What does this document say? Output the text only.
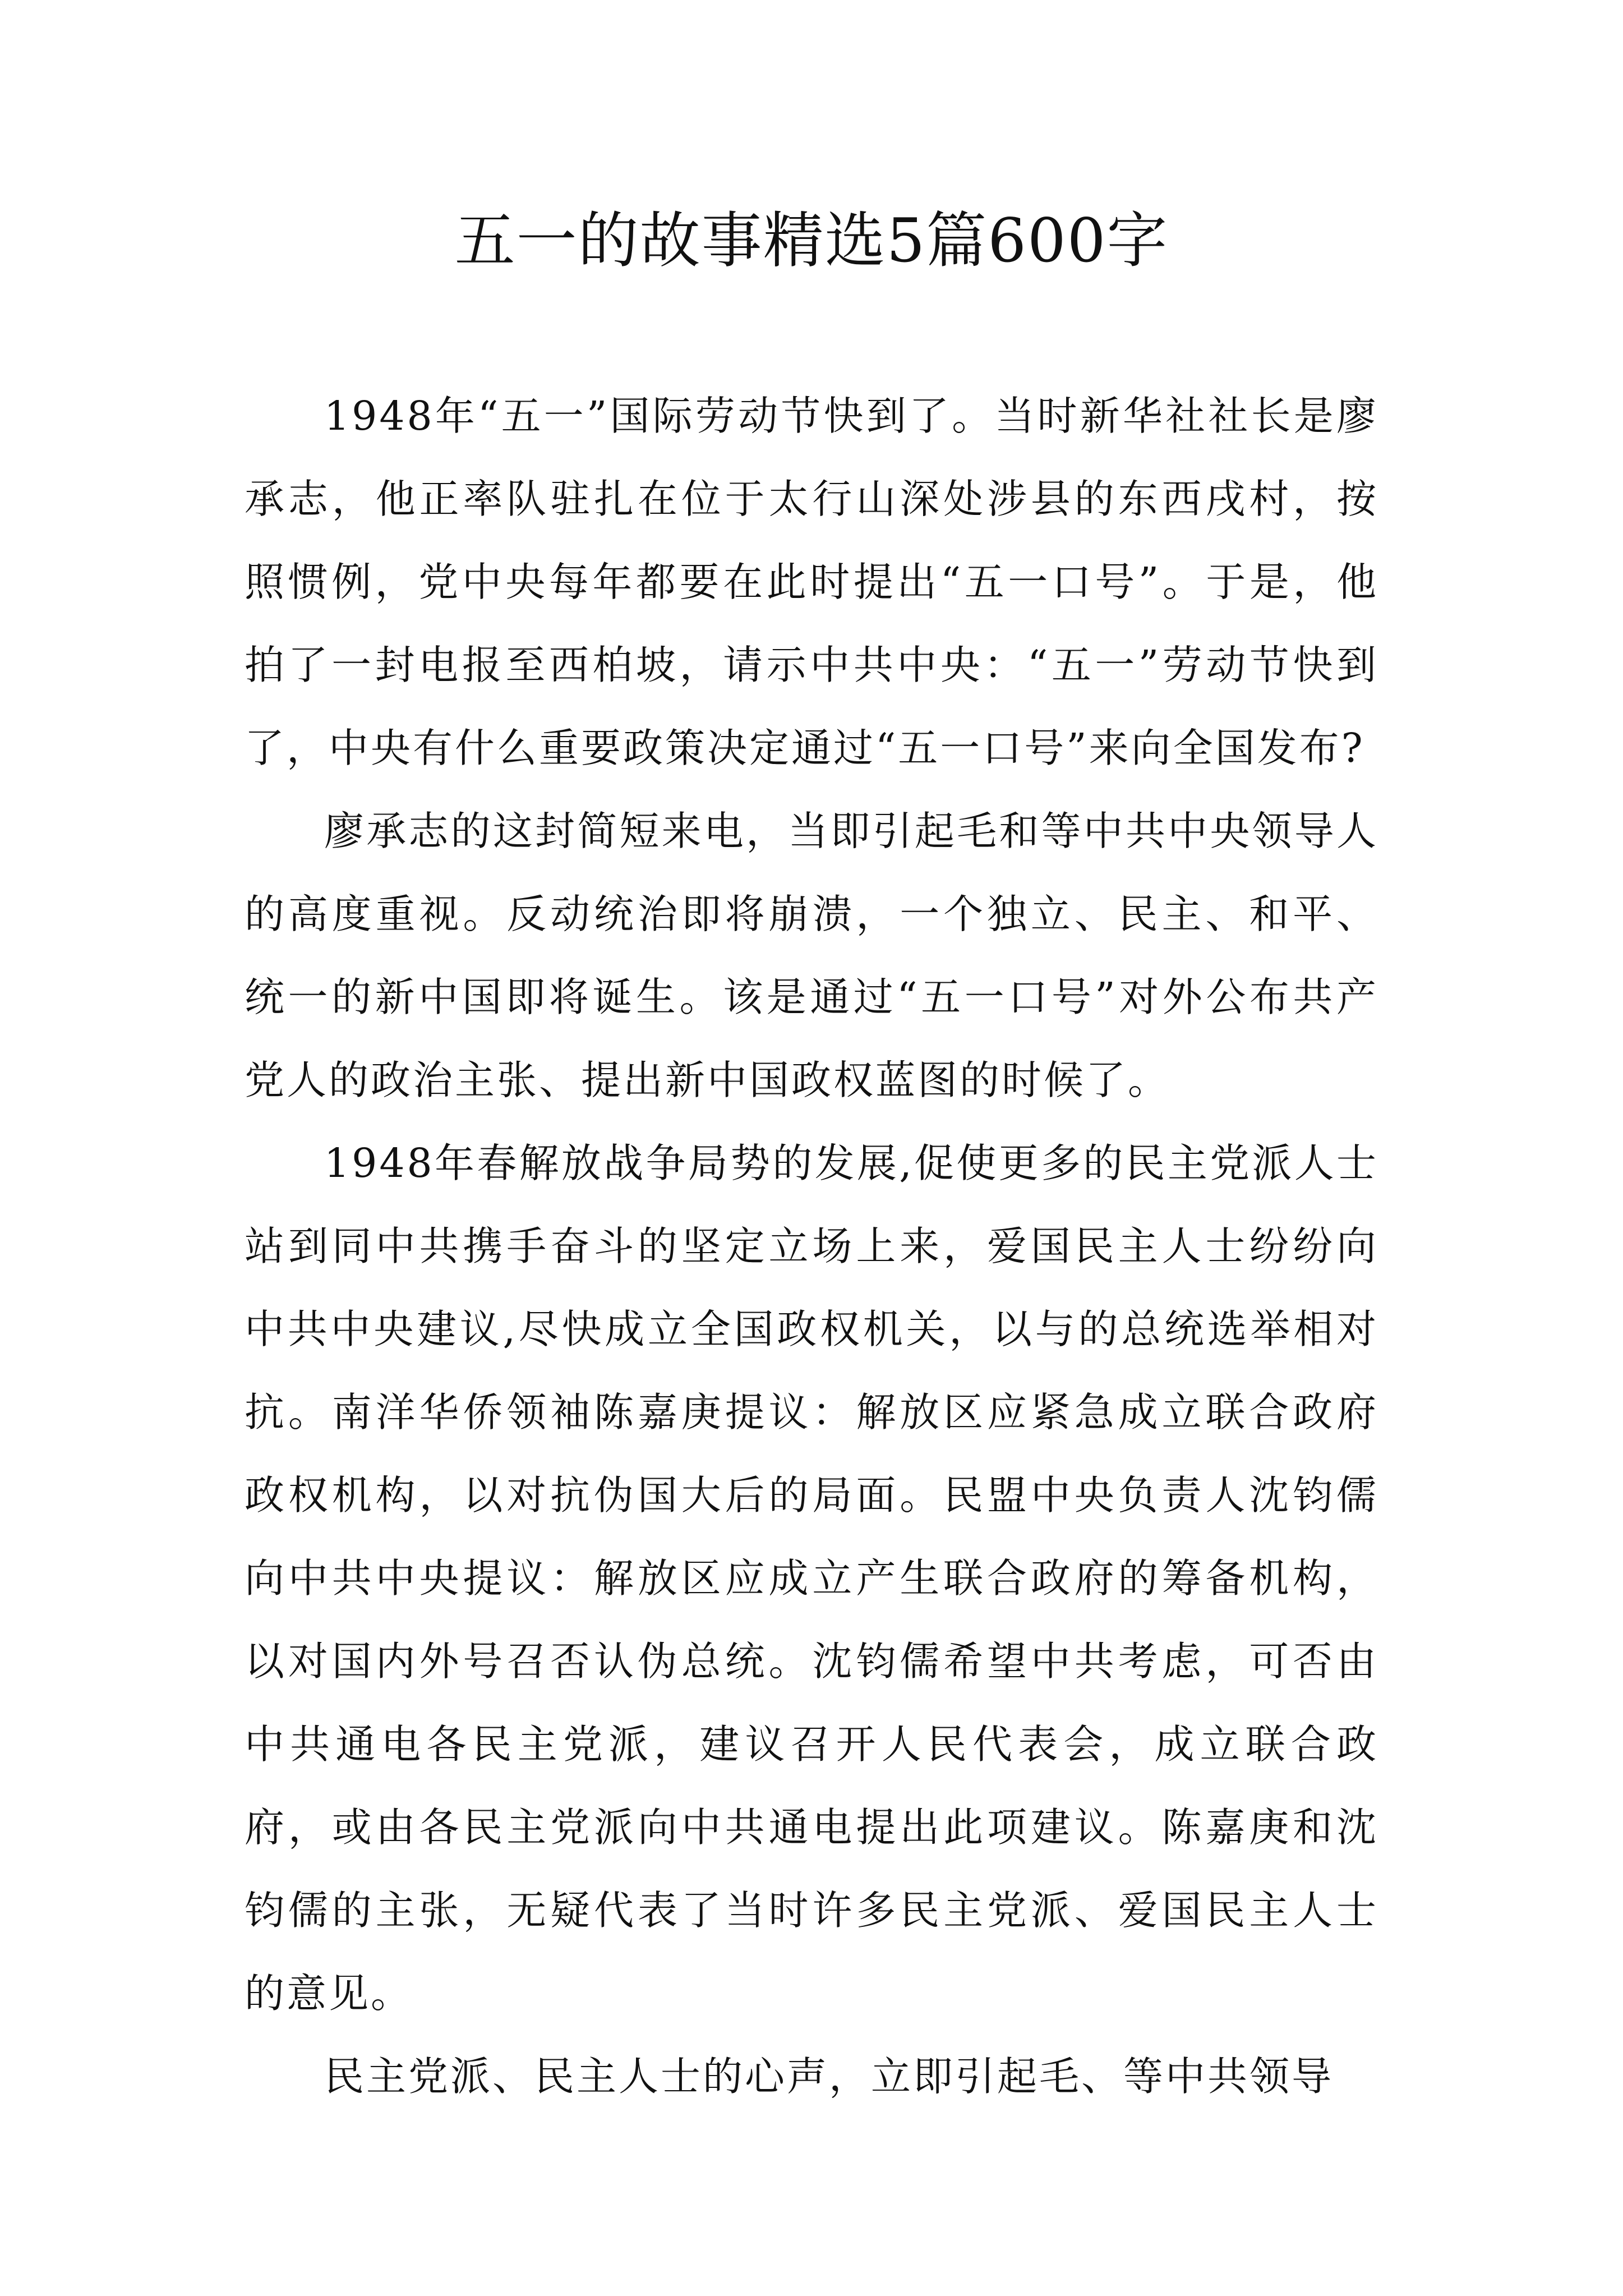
五一的故事精选5篇600字

1948年“五一”国际劳动节快到了。当时新华社社长是廖承志，他正率队驻扎在位于太行山深处涉县的东西戌村，按照惯例，党中央每年都要在此时提出“五一口号”。于是，他拍了一封电报至西柏坡，请示中共中央：“五一”劳动节快到了，中央有什么重要政策决定通过“五一口号”来向全国发布?

廖承志的这封简短来电，当即引起毛和等中共中央领导人的高度重视。反动统治即将崩溃，一个独立、民主、和平、统一的新中国即将诞生。该是通过“五一口号”对外公布共产党人的政治主张、提出新中国政权蓝图的时候了。

1948年春解放战争局势的发展,促使更多的民主党派人士站到同中共携手奋斗的坚定立场上来，爱国民主人士纷纷向中共中央建议,尽快成立全国政权机关，以与的总统选举相对抗。南洋华侨领袖陈嘉庚提议：解放区应紧急成立联合政府政权机构，以对抗伪国大后的局面。民盟中央负责人沈钧儒向中共中央提议：解放区应成立产生联合政府的筹备机构，以对国内外号召否认伪总统。沈钧儒希望中共考虑，可否由中共通电各民主党派，建议召开人民代表会，成立联合政府，或由各民主党派向中共通电提出此项建议。陈嘉庚和沈钧儒的主张，无疑代表了当时许多民主党派、爱国民主人士的意见。

民主党派、民主人士的心声，立即引起毛、等中共领导
